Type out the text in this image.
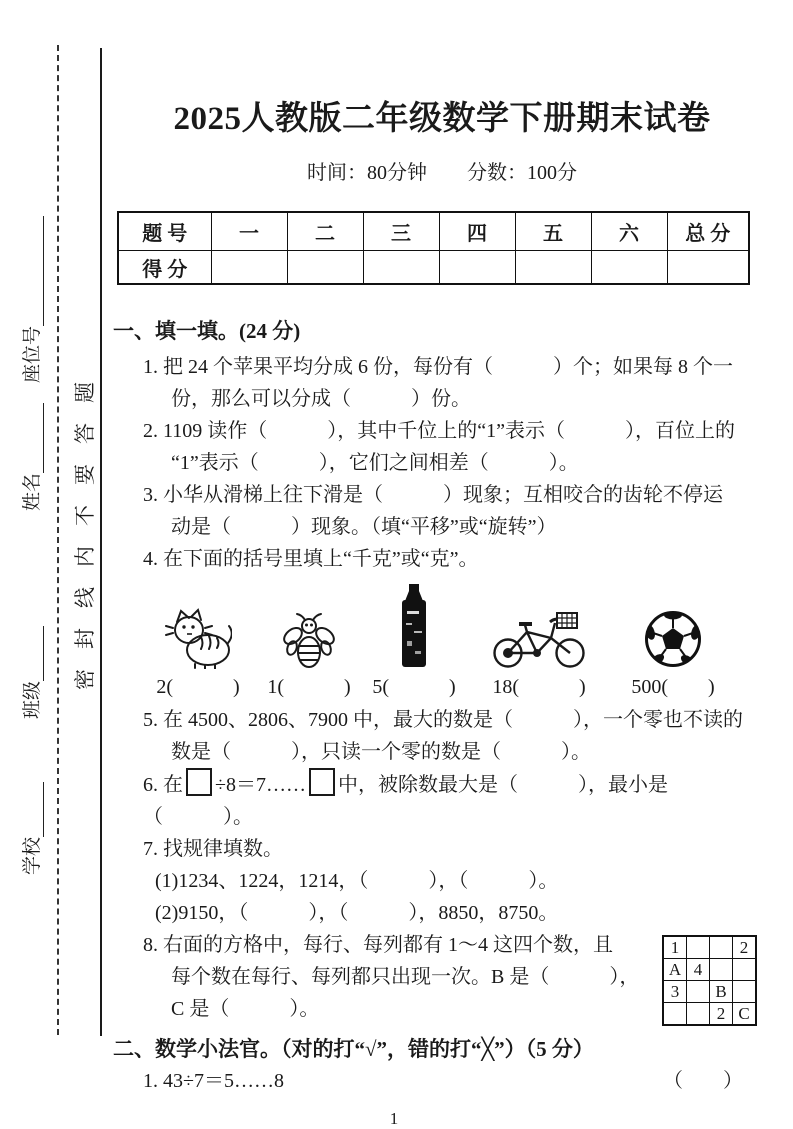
学校
班级
姓名
座位号
密封线内不要答题
2025人教版二年级数学下册期末试卷
时间：80分钟　　分数：100分
题 号	一	二	三	四	五	六	总 分
得 分							
一、填一填。(24 分)
1. 把 24 个苹果平均分成 6 份，每份有（　　　）个；如果每 8 个一
份，那么可以分成（　　　）份。
2. 1109 读作（　　　），其中千位上的“1”表示（　　　），百位上的
“1”表示（　　　），它们之间相差（　　　）。
3. 小华从滑梯上往下滑是（　　　）现象；互相咬合的齿轮不停运
动是（　　　）现象。（填“平移”或“旋转”）
4. 在下面的括号里填上“千克”或“克”。
2(　　　)	1(　　　)	5(　　　)	18(　　　)	500(　　)
5. 在 4500、2806、7900 中，最大的数是（　　　），一个零也不读的
数是（　　　），只读一个零的数是（　　　）。
6. 在 ÷8＝7…… 中，被除数最大是（　　　），最小是（　　　）。
7. 找规律填数。
(1)1234、1224，1214，（　　　），（　　　）。
(2)9150，（　　　），（　　　），8850，8750。
8. 右面的方格中，每行、每列都有 1～4 这四个数，且
每个数在每行、每列都只出现一次。B 是（　　　），
C 是（　　　）。
1			2
A	4		
3		B	
		2	C
二、数学小法官。（对的打“√”，错的打“╳”）（5 分）
1. 43÷7＝5……8	（　　）
1
